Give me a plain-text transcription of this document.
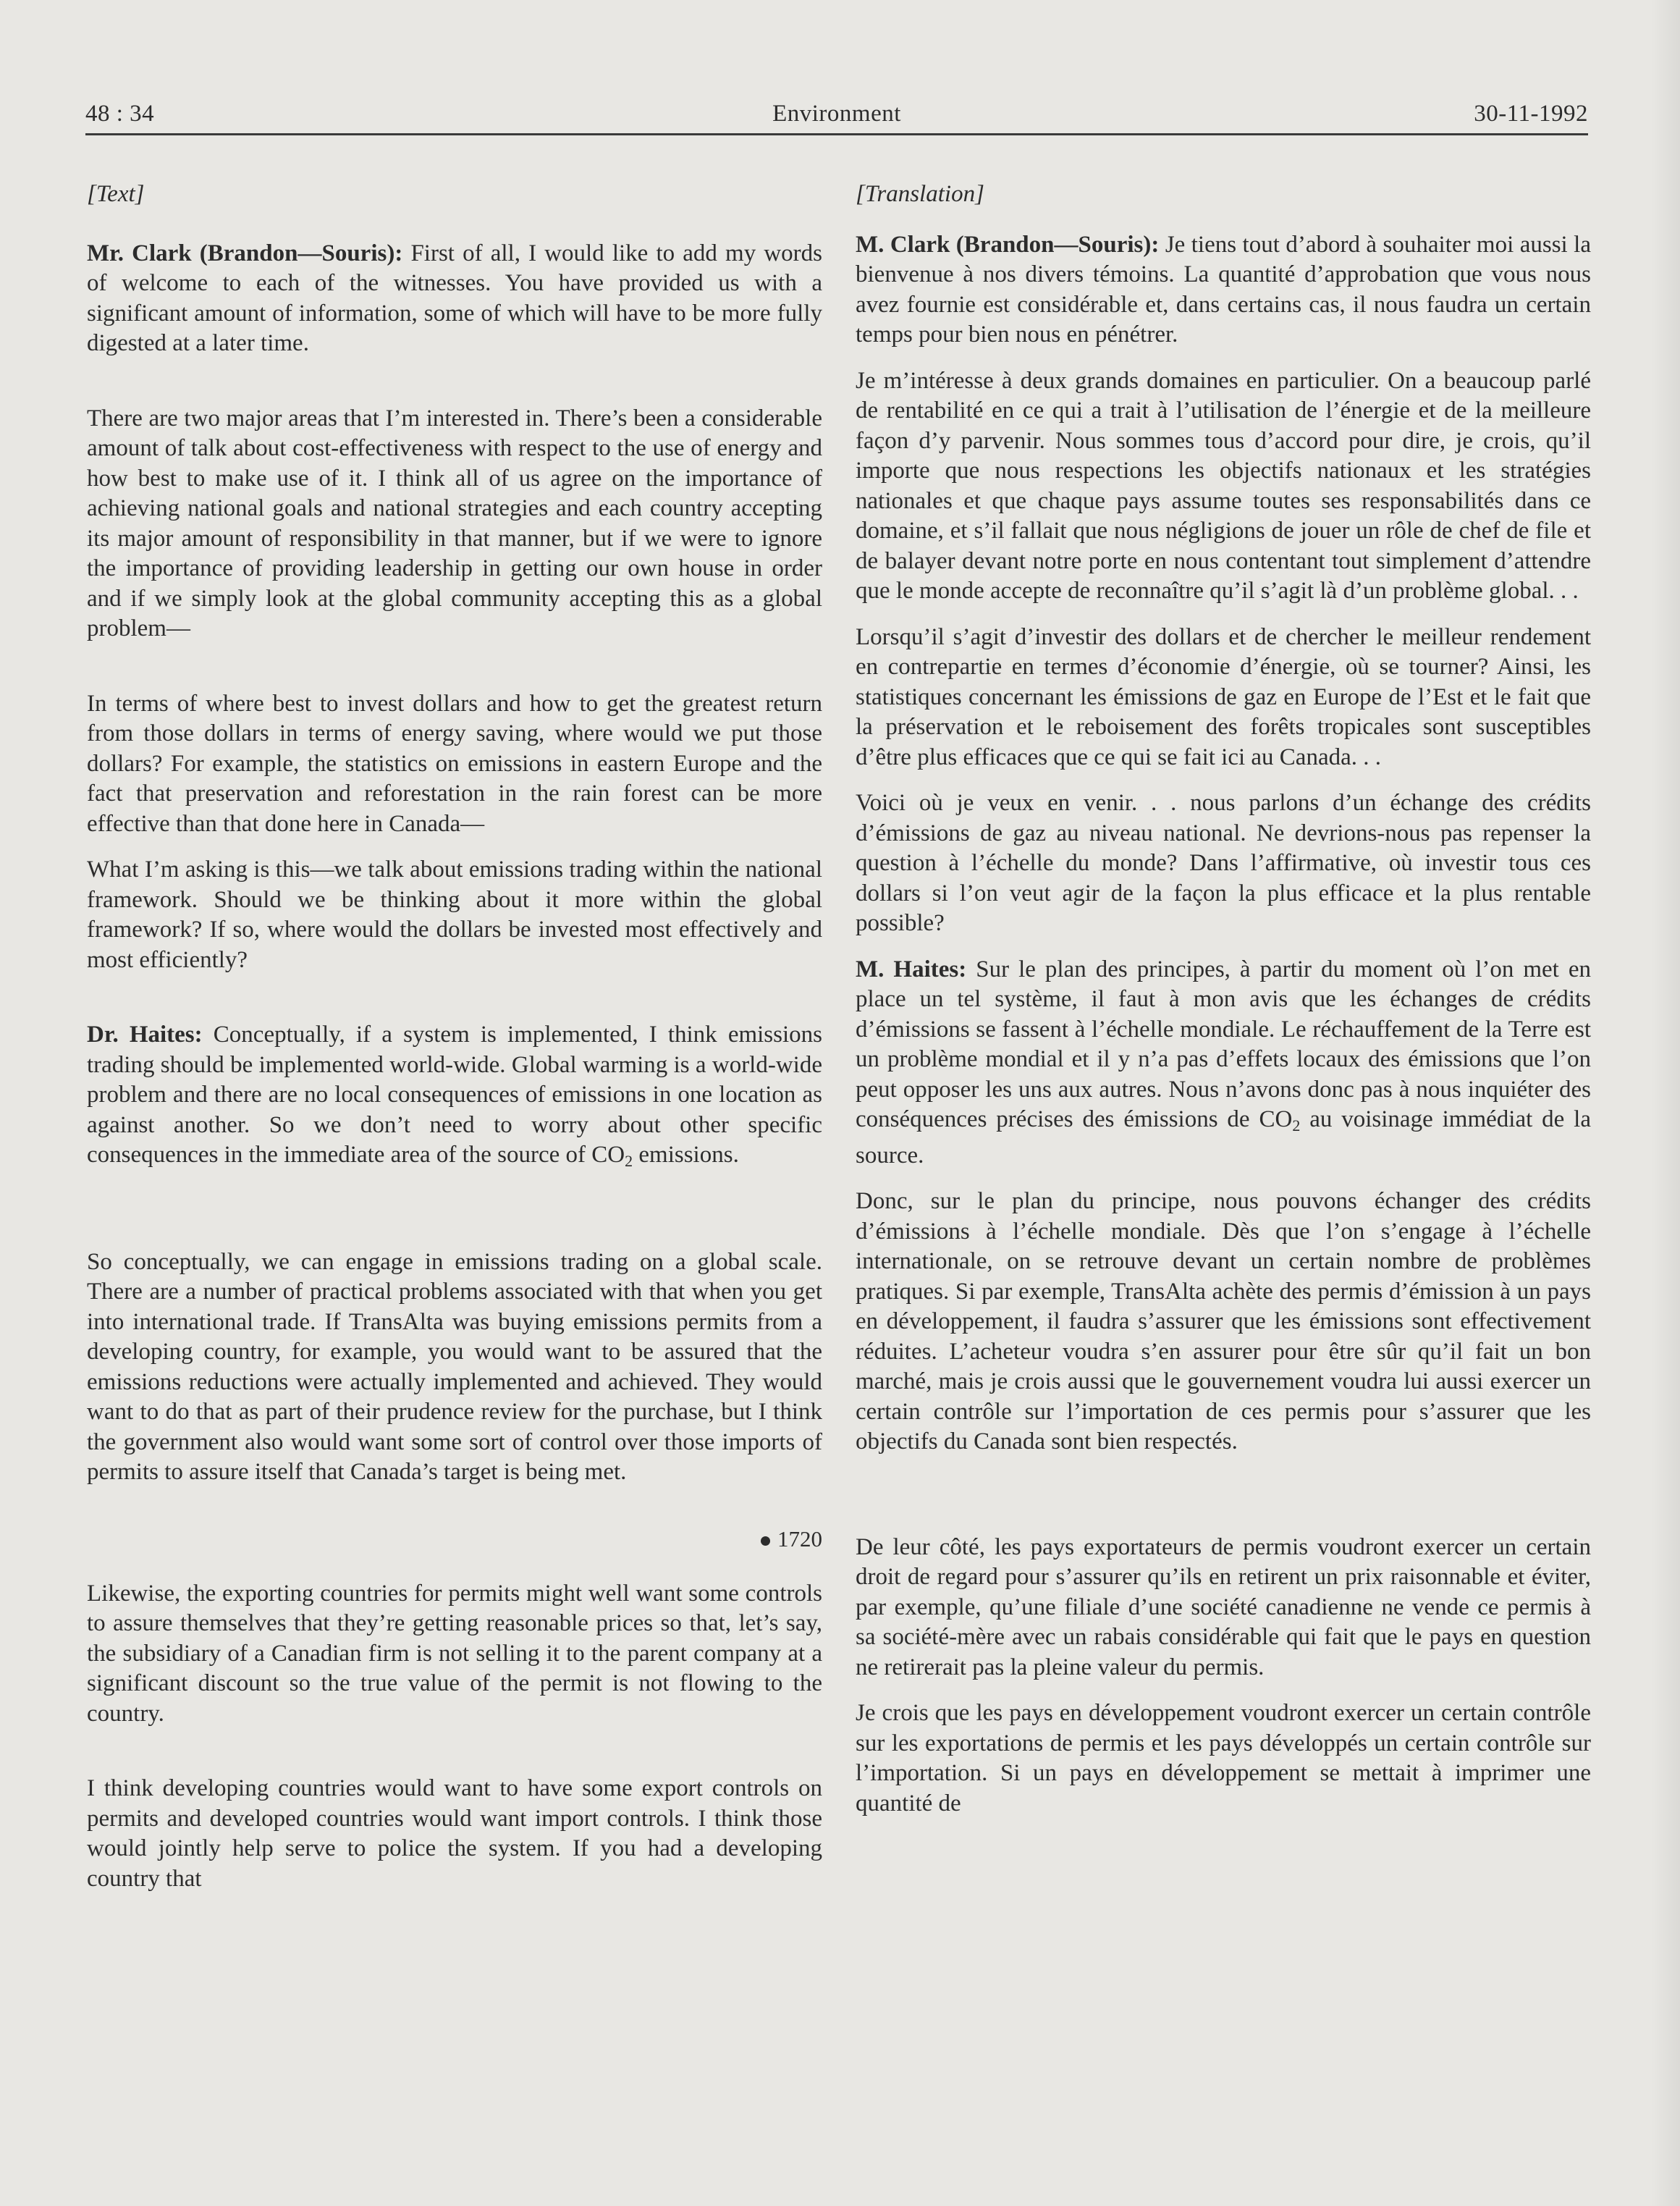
48 : 34	Environment	30-11-1992

[Text]

Mr. Clark (Brandon—Souris): First of all, I would like to add my words of welcome to each of the witnesses. You have provided us with a significant amount of information, some of which will have to be more fully digested at a later time.

There are two major areas that I’m interested in. There’s been a considerable amount of talk about cost-effectiveness with respect to the use of energy and how best to make use of it. I think all of us agree on the importance of achieving national goals and national strategies and each country accepting its major amount of responsibility in that manner, but if we were to ignore the importance of providing leadership in getting our own house in order and if we simply look at the global community accepting this as a global problem—

In terms of where best to invest dollars and how to get the greatest return from those dollars in terms of energy saving, where would we put those dollars? For example, the statistics on emissions in eastern Europe and the fact that preservation and reforestation in the rain forest can be more effective than that done here in Canada—

What I’m asking is this—we talk about emissions trading within the national framework. Should we be thinking about it more within the global framework? If so, where would the dollars be invested most effectively and most efficiently?

Dr. Haites: Conceptually, if a system is implemented, I think emissions trading should be implemented world-wide. Global warming is a world-wide problem and there are no local consequences of emissions in one location as against another. So we don’t need to worry about other specific consequences in the immediate area of the source of $CO_2$ emissions.

So conceptually, we can engage in emissions trading on a global scale. There are a number of practical problems associated with that when you get into international trade. If TransAlta was buying emissions permits from a developing country, for example, you would want to be assured that the emissions reductions were actually implemented and achieved. They would want to do that as part of their prudence review for the purchase, but I think the government also would want some sort of control over those imports of permits to assure itself that Canada’s target is being met.

1720

Likewise, the exporting countries for permits might well want some controls to assure themselves that they’re getting reasonable prices so that, let’s say, the subsidiary of a Canadian firm is not selling it to the parent company at a significant discount so the true value of the permit is not flowing to the country.

I think developing countries would want to have some export controls on permits and developed countries would want import controls. I think those would jointly help serve to police the system. If you had a developing country that

[Translation]

M. Clark (Brandon—Souris): Je tiens tout d’abord à souhaiter moi aussi la bienvenue à nos divers témoins. La quantité d’approbation que vous nous avez fournie est considérable et, dans certains cas, il nous faudra un certain temps pour bien nous en pénétrer.

Je m’intéresse à deux grands domaines en particulier. On a beaucoup parlé de rentabilité en ce qui a trait à l’utilisation de l’énergie et de la meilleure façon d’y parvenir. Nous sommes tous d’accord pour dire, je crois, qu’il importe que nous respections les objectifs nationaux et les stratégies nationales et que chaque pays assume toutes ses responsabilités dans ce domaine, et s’il fallait que nous négligions de jouer un rôle de chef de file et de balayer devant notre porte en nous contentant tout simplement d’attendre que le monde accepte de reconnaître qu’il s’agit là d’un problème global. . .

Lorsqu’il s’agit d’investir des dollars et de chercher le meilleur rendement en contrepartie en termes d’économie d’énergie, où se tourner? Ainsi, les statistiques concernant les émissions de gaz en Europe de l’Est et le fait que la préservation et le reboisement des forêts tropicales sont susceptibles d’être plus efficaces que ce qui se fait ici au Canada. . .

Voici où je veux en venir. . . nous parlons d’un échange des crédits d’émissions de gaz au niveau national. Ne devrions-nous pas repenser la question à l’échelle du monde? Dans l’affirmative, où investir tous ces dollars si l’on veut agir de la façon la plus efficace et la plus rentable possible?

M. Haites: Sur le plan des principes, à partir du moment où l’on met en place un tel système, il faut à mon avis que les échanges de crédits d’émissions se fassent à l’échelle mondiale. Le réchauffement de la Terre est un problème mondial et il y n’a pas d’effets locaux des émissions que l’on peut opposer les uns aux autres. Nous n’avons donc pas à nous inquiéter des conséquences précises des émissions de $CO_2$ au voisinage immédiat de la source.

Donc, sur le plan du principe, nous pouvons échanger des crédits d’émissions à l’échelle mondiale. Dès que l’on s’engage à l’échelle internationale, on se retrouve devant un certain nombre de problèmes pratiques. Si par exemple, TransAlta achète des permis d’émission à un pays en développement, il faudra s’assurer que les émissions sont effectivement réduites. L’acheteur voudra s’en assurer pour être sûr qu’il fait un bon marché, mais je crois aussi que le gouvernement voudra lui aussi exercer un certain contrôle sur l’importation de ces permis pour s’assurer que les objectifs du Canada sont bien respectés.

De leur côté, les pays exportateurs de permis voudront exercer un certain droit de regard pour s’assurer qu’ils en retirent un prix raisonnable et éviter, par exemple, qu’une filiale d’une société canadienne ne vende ce permis à sa société-mère avec un rabais considérable qui fait que le pays en question ne retirerait pas la pleine valeur du permis.

Je crois que les pays en développement voudront exercer un certain contrôle sur les exportations de permis et les pays développés un certain contrôle sur l’importation. Si un pays en développement se mettait à imprimer une quantité de
